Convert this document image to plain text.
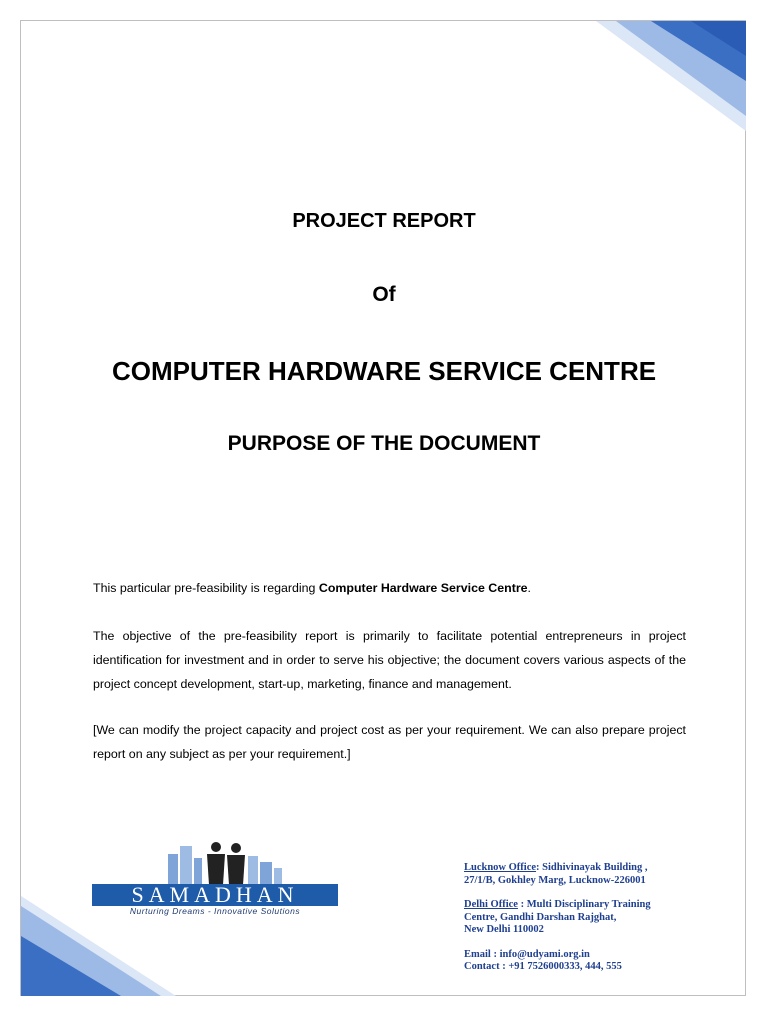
PROJECT REPORT
Of
COMPUTER HARDWARE SERVICE CENTRE
PURPOSE OF THE DOCUMENT
This particular pre-feasibility is regarding Computer Hardware Service Centre.
The objective of the pre-feasibility report is primarily to facilitate potential entrepreneurs in project identification for investment and in order to serve his objective; the document covers various aspects of the project concept development, start-up, marketing, finance and management.
[We can modify the project capacity and project cost as per your requirement. We can also prepare project report on any subject as per your requirement.]
SAMADHAN
Nurturing Dreams - Innovative Solutions
Lucknow Office: Sidhivinayak Building ,
27/1/B, Gokhley Marg, Lucknow-226001
Delhi Office : Multi Disciplinary Training
Centre, Gandhi Darshan Rajghat,
New Delhi 110002
Email : info@udyami.org.in
Contact : +91 7526000333, 444, 555
